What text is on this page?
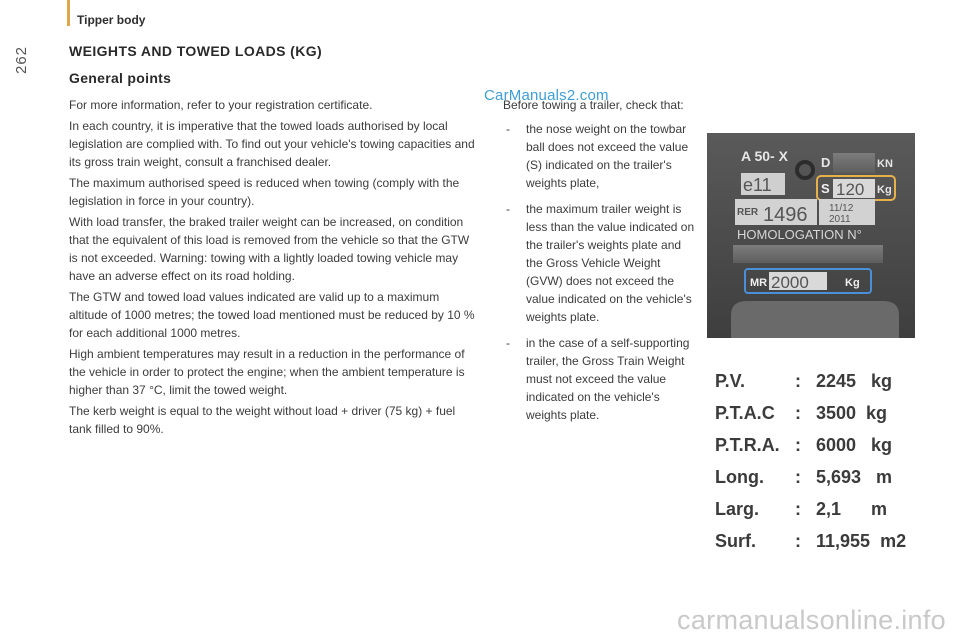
Tipper body
262	WEIGHTS AND TOWED LOADS (KG)
General points

For more information, refer to your registration certificate.

In each country, it is imperative that the towed loads authorised by local legislation are complied with. To find out your vehicle's towing capacities and its gross train weight, consult a franchised dealer.

The maximum authorised speed is reduced when towing (comply with the legislation in force in your country).

With load transfer, the braked trailer weight can be increased, on condition that the equivalent of this load is removed from the vehicle so that the GTW is not exceeded. Warning: towing with a lightly loaded towing vehicle may have an adverse effect on its road holding.

The GTW and towed load values indicated are valid up to a maximum altitude of 1000 metres; the towed load mentioned must be reduced by 10 % for each additional 1000 metres.

High ambient temperatures may result in a reduction in the performance of the vehicle in order to protect the engine; when the ambient temperature is higher than 37 °C, limit the towed weight.

The kerb weight is equal to the weight without load + driver (75 kg) + fuel tank filled to 90%.

CarManuals2.com

Before towing a trailer, check that:

- the nose weight on the towbar ball does not exceed the value (S) indicated on the trailer's weights plate,
- the maximum trailer weight is less than the value indicated on the trailer's weights plate and the Gross Vehicle Weight (GVW) does not exceed the value indicated on the vehicle's weights plate.
- in the case of a self-supporting trailer, the Gross Train Weight must not exceed the value indicated on the vehicle's weights plate.
A 50- X	D	KN
e11	S 120 Kg
RER 1496 11/12
2011
HOMOLOGATION N°
MR 2000	Kg
P.V.	: 2245   kg
P.T.A.C : 3500  kg
P.T.R.A. : 6000   kg
Long. : 5,693   m
Larg. : 2,1      m
Surf. : 11,955  m2
carmanualsonline.info
